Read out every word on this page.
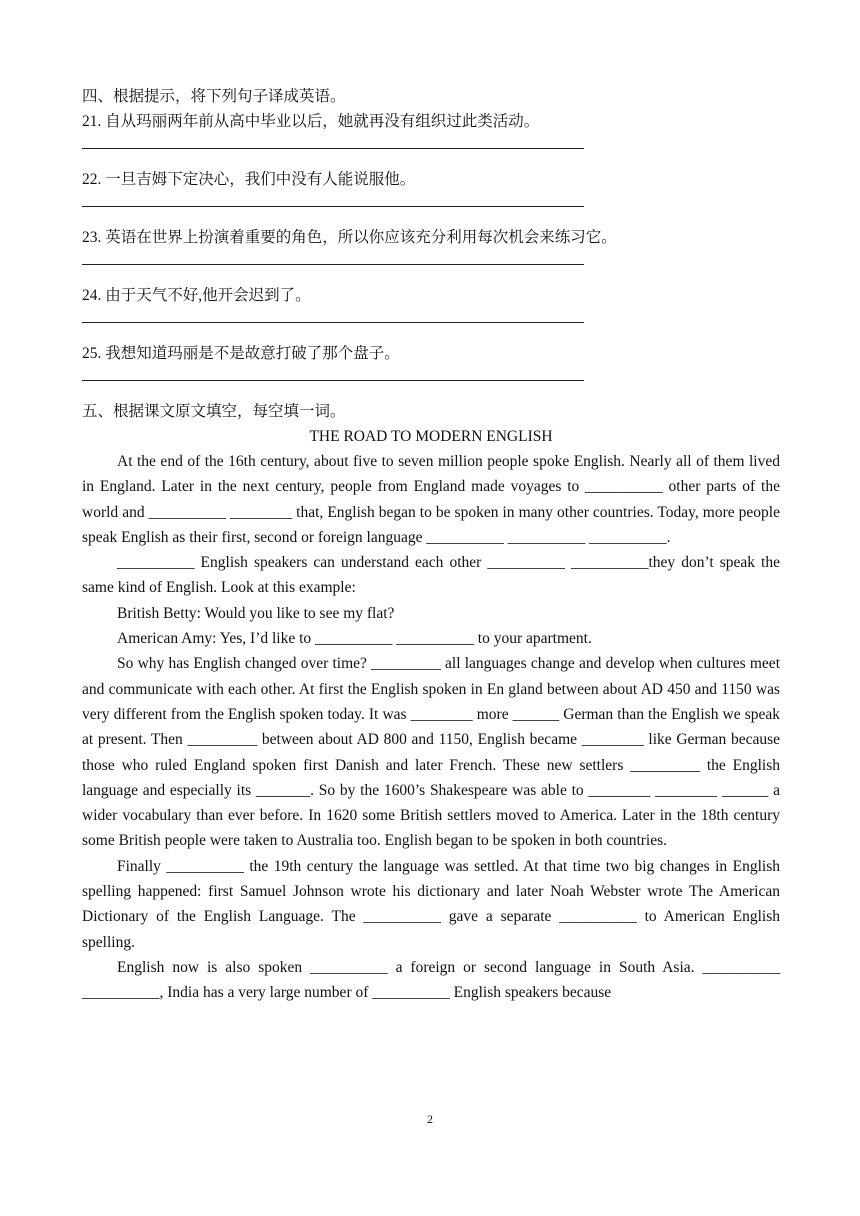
四、根据提示，将下列句子译成英语。
21. 自从玛丽两年前从高中毕业以后，她就再没有组织过此类活动。
22. 一旦吉姆下定决心，我们中没有人能说服他。
23. 英语在世界上扮演着重要的角色，所以你应该充分利用每次机会来练习它。
24. 由于天气不好,他开会迟到了。
25. 我想知道玛丽是不是故意打破了那个盘子。
五、根据课文原文填空，每空填一词。
THE ROAD TO MODERN ENGLISH

At the end of the 16th century, about five to seven million people spoke English. Nearly all of them lived in England. Later in the next century, people from England made voyages to __________ other parts of the world and __________ ________ that, English began to be spoken in many other countries. Today, more people speak English as their first, second or foreign language __________ __________ __________.

__________ English speakers can understand each other __________ __________they don’t speak the same kind of English. Look at this example:

British Betty: Would you like to see my flat?

American Amy: Yes, I’d like to __________ __________ to your apartment.

So why has English changed over time? _________ all languages change and develop when cultures meet and communicate with each other. At first the English spoken in En gland between about AD 450 and 1150 was very different from the English spoken today. It was ________ more ______ German than the English we speak at present. Then _________ between about AD 800 and 1150, English became ________ like German because those who ruled England spoken first Danish and later French. These new settlers _________ the English language and especially its _______. So by the 1600’s Shakespeare was able to ________ ________ ______ a wider vocabulary than ever before. In 1620 some British settlers moved to America. Later in the 18th century some British people were taken to Australia too. English began to be spoken in both countries.

Finally __________ the 19th century the language was settled. At that time two big changes in English spelling happened: first Samuel Johnson wrote his dictionary and later Noah Webster wrote The American Dictionary of the English Language. The __________ gave a separate __________ to American English spelling.

English now is also spoken __________ a foreign or second language in South Asia. __________ __________, India has a very large number of __________ English speakers because

2
